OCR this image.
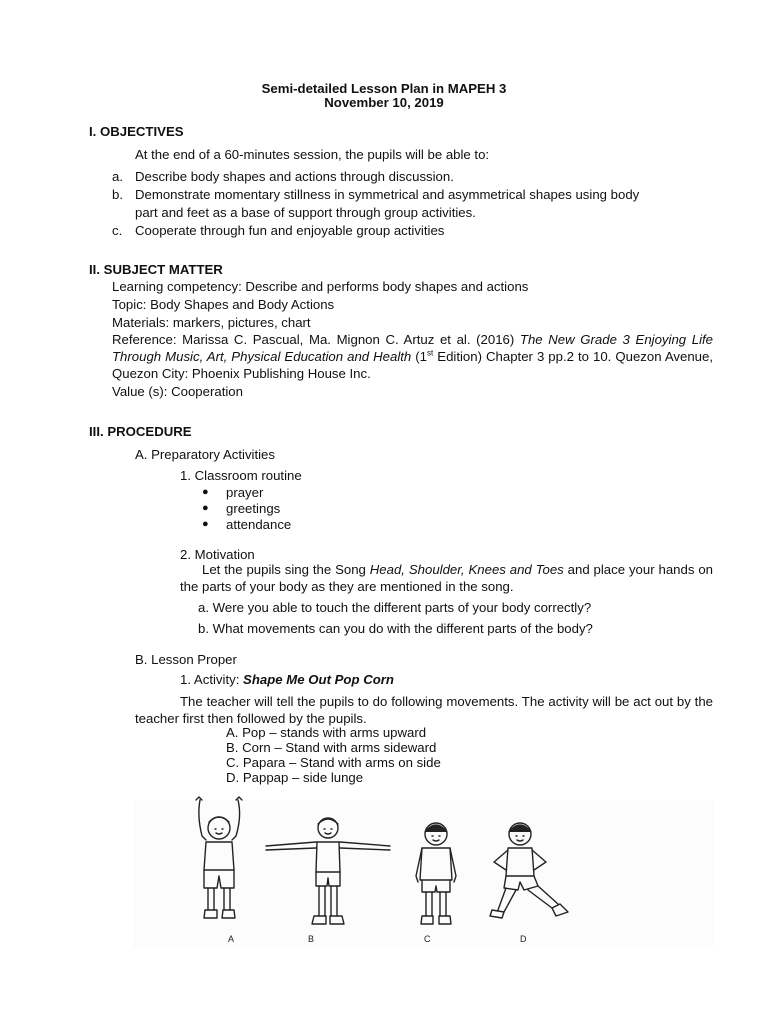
Semi-detailed Lesson Plan in MAPEH 3
November 10, 2019
I. OBJECTIVES
At the end of a 60-minutes session, the pupils will be able to:
a. Describe body shapes and actions through discussion.
b. Demonstrate momentary stillness in symmetrical and asymmetrical shapes using body
part and feet as a base of support through group activities.
c. Cooperate through fun and enjoyable group activities
II. SUBJECT MATTER
Learning competency: Describe and performs body shapes and actions
Topic: Body Shapes and Body Actions
Materials: markers, pictures, chart
Reference: Marissa C. Pascual, Ma. Mignon C. Artuz et al. (2016) The New Grade 3 Enjoying Life Through Music, Art, Physical Education and Health (1st Edition) Chapter 3 pp.2 to 10. Quezon Avenue, Quezon City: Phoenix Publishing House Inc.
Value (s): Cooperation
III. PROCEDURE
A. Preparatory Activities
1. Classroom routine
● prayer
● greetings
● attendance
2. Motivation
Let the pupils sing the Song Head, Shoulder, Knees and Toes and place your hands on the parts of your body as they are mentioned in the song.
a. Were you able to touch the different parts of your body correctly?
b. What movements can you do with the different parts of the body?
B. Lesson Proper
1. Activity: Shape Me Out Pop Corn
The teacher will tell the pupils to do following movements. The activity will be act out by the teacher first then followed by the pupils.
A. Pop – stands with arms upward
B. Corn – Stand with arms sideward
C. Papara – Stand with arms on side
D. Pappap – side lunge
A	B	C	D
